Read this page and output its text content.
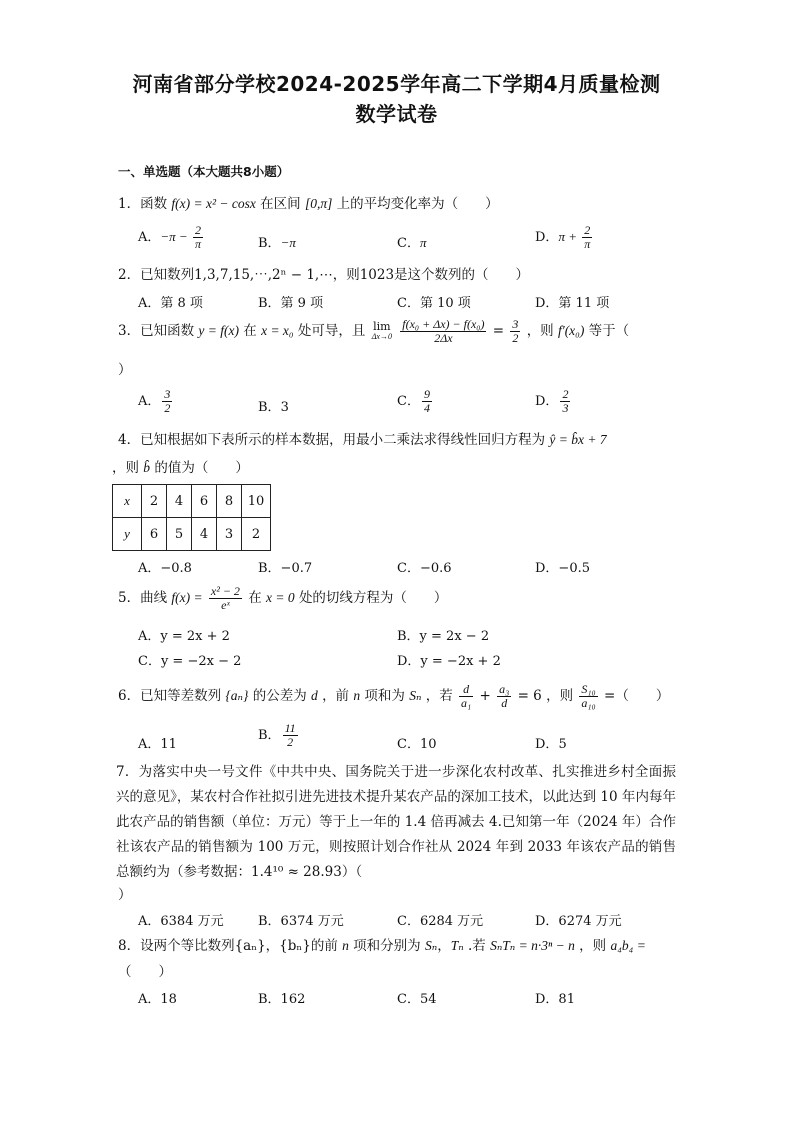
河南省部分学校2024-2025学年高二下学期4月质量检测
数学试卷
一、单选题（本大题共8小题）
1．函数 f(x) = x² − cosx 在区间 [0,π] 上的平均变化率为（　　）
A．$-\pi - \frac{2}{\pi}$	B．−π	C．π	D．$\pi + \frac{2}{\pi}$
2．已知数列1,3,7,15,⋯,2ⁿ − 1,⋯，则1023是这个数列的（　　）
A．第 8 项	B．第 9 项	C．第 10 项	D．第 11 项
3．已知函数 y = f(x) 在 x = x₀ 处可导，且 lim
Δx→0
$\frac{\text{f(x₀ + Δx) − f(x₀)}}{2\Delta x} = \frac{3}{2}$ ，则 f′(x₀) 等于（
）
A． $\frac{3}{2}$	B．3	C． $\frac{9}{4}$	D． $\frac{2}{3}$
4．已知根据如下表所示的样本数据，用最小二乘法求得线性回归方程为 ŷ = b̂x + 7
，则 b̂ 的值为（　　）
x	2	4	6	8	10
y	6	5	4	3	2
A．−0.8	B．−0.7	C．−0.6	D．−0.5
5．曲线 $f(x) = \frac{\text{x² − 2}}{\text{eˣ}}$ 在 x = 0 处的切线方程为（　　）
A．y = 2x + 2	B．y = 2x − 2
C．y = −2x − 2	D．y = −2x + 2
6．已知等差数列 {aₙ} 的公差为 d ，前 n 项和为 Sₙ ，若 $\frac{d}{\text{a₁}} + \frac{\text{a₃}}{d} = 6$ ，则 $\frac{\text{S₁₀}}{\text{a₁₀}}$ =（　　）
A．11
B． $\frac{11}{2}$	C．10	D．5
7．为落实中央一号文件《中共中央、国务院关于进一步深化农村改革、扎实推进乡村全面振兴的意见》，某农村合作社拟引进先进技术提升某农产品的深加工技术，以此达到 10 年内每年此农产品的销售额（单位：万元）等于上一年的 1.4 倍再减去 4.已知第一年（2024 年）合作社该农产品的销售额为 100 万元，则按照计划合作社从 2024 年到 2033 年该农产品的销售总额约为（参考数据：1.4¹⁰ ≈ 28.93）（
）
A．6384 万元	B．6374 万元	C．6284 万元	D．6274 万元
8．设两个等比数列{aₙ}，{bₙ}的前 n 项和分别为 Sₙ，Tₙ .若 SₙTₙ = n·3ⁿ − n ，则 a₄b₄ =
（　　）
A．18	B．162	C．54	D．81
